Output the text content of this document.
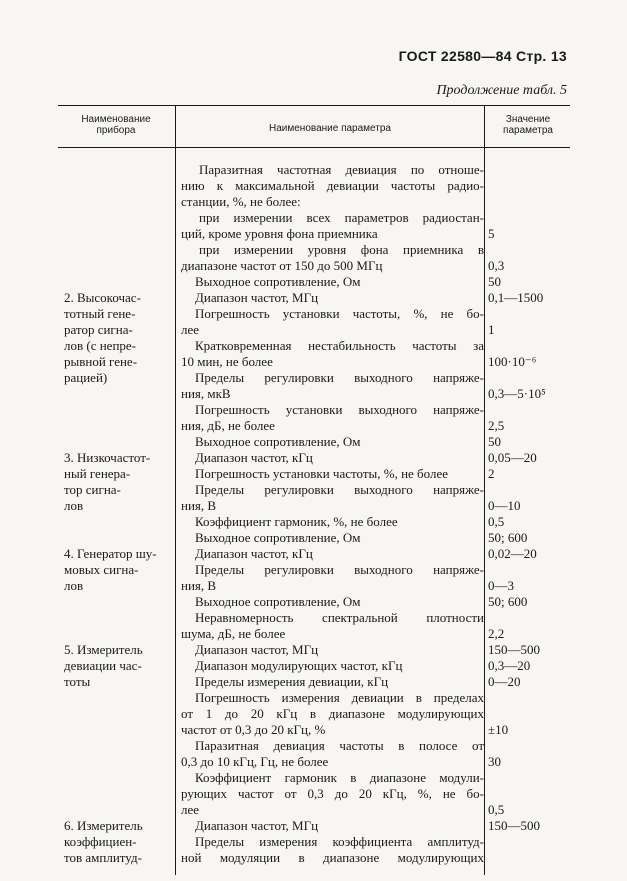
ГОСТ 22580—84 Стр. 13
Продолжение табл. 5
Наименование
прибора	Наименование параметра
Значение
параметра
Паразитная частотная девиация по отноше-
нию к максимальной девиации частоты радио-
станции, %, не более:
при измерении всех параметров радиостан-
ций, кроме уровня фона приемника
при измерении уровня фона приемника в
диапазоне частот от 150 до 500 МГц
Выходное сопротивление, Ом
Диапазон частот, МГц
Погрешность установки частоты, %, не бо-
лее
Кратковременная нестабильность частоты за
10 мин, не более
Пределы регулировки выходного напряже-
ния, мкВ
Погрешность установки выходного напряже-
ния, дБ, не более
Выходное сопротивление, Ом
Диапазон частот, кГц
Погрешность установки частоты, %, не более
Пределы регулировки выходного напряже-
ния, В
Коэффициент гармоник, %, не более
Выходное сопротивление, Ом
Диапазон частот, кГц
Пределы регулировки выходного напряже-
ния, В
Выходное сопротивление, Ом
Неравномерность спектральной плотности
шума, дБ, не более
Диапазон частот, МГц
Диапазон модулирующих частот, кГц
Пределы измерения девиации, кГц
Погрешность измерения девиации в пределах
от 1 до 20 кГц в диапазоне модулирующих
частот от 0,3 до 20 кГц, %
Паразитная девиация частоты в полосе от
0,3 до 10 кГц, Гц, не более
Коэффициент гармоник в диапазоне модули-
рующих частот от 0,3 до 20 кГц, %, не бо-
лее
Диапазон частот, МГц
Пределы измерения коэффициента амплитуд-
ной модуляции в диапазоне модулирующих
2. Высокочас-
тотный гене-
ратор сигна-
лов (с непре-
рывной гене-
рацией)
3. Низкочастот-
ный генера-
тор сигна-
лов
4. Генератор шу-
мовых сигна-
лов
5. Измеритель
девиации час-
тоты
6. Измеритель
коэффициен-
тов амплитуд-
5
0,3
50
0,1—1500
1
100·10⁻⁶
0,3—5·10⁵
2,5
50
0,05—20
2
0—10
0,5
50; 600
0,02—20
0—3
50; 600
2,2
150—500
0,3—20
0—20
±10
30
0,5
150—500
